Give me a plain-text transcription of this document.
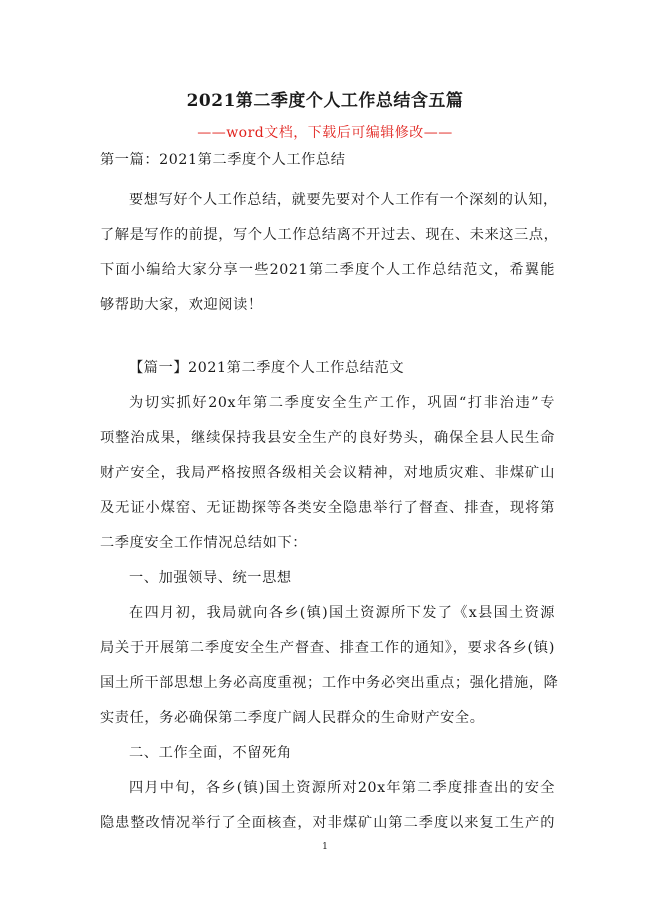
2021第二季度个人工作总结含五篇
——word文档，下载后可编辑修改——
第一篇：2021第二季度个人工作总结
要想写好个人工作总结，就要先要对个人工作有一个深刻的认知，
了解是写作的前提，写个人工作总结离不开过去、现在、未来这三点，
下面小编给大家分享一些2021第二季度个人工作总结范文，希翼能
够帮助大家，欢迎阅读！
【篇一】2021第二季度个人工作总结范文
为切实抓好20x年第二季度安全生产工作，巩固“打非治违”专
项整治成果，继续保持我县安全生产的良好势头，确保全县人民生命
财产安全，我局严格按照各级相关会议精神，对地质灾难、非煤矿山
及无证小煤窑、无证勘探等各类安全隐患举行了督查、排查，现将第
二季度安全工作情况总结如下：
一、加强领导、统一思想
在四月初，我局就向各乡(镇)国土资源所下发了《x县国土资源
局关于开展第二季度安全生产督查、排查工作的通知》，要求各乡(镇)
国土所干部思想上务必高度重视；工作中务必突出重点；强化措施，降
实责任，务必确保第二季度广阔人民群众的生命财产安全。
二、工作全面，不留死角
四月中旬，各乡(镇)国土资源所对20x年第二季度排查出的安全
隐患整改情况举行了全面核查，对非煤矿山第二季度以来复工生产的
1
